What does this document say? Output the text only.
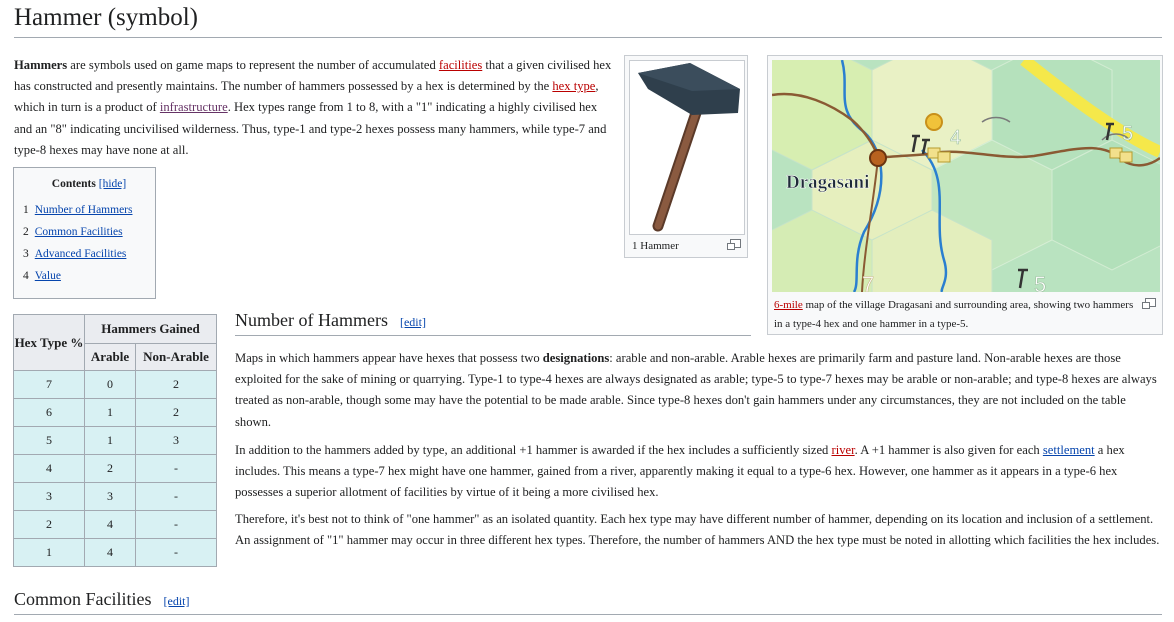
Hammer (symbol)

Hammers are symbols used on game maps to represent the number of accumulated facilities that a given civilised hex has constructed and presently maintains. The number of hammers possessed by a hex is determined by the hex type, which in turn is a product of infrastructure. Hex types range from 1 to 8, with a "1" indicating a highly civilised hex and an "8" indicating uncivilised wilderness. Thus, type-1 and type-2 hexes possess many hammers, while type-7 and type-8 hexes may have none at all.

Contents [hide]
1 Number of Hammers
2 Common Facilities
3 Advanced Facilities
4 Value
1 Hammer
4	5
7	5
Dragasani
6-mile map of the village Dragasani and surrounding area, showing two hammers in a type-4 hex and one hammer in a type-5.
Hex Type %	Hammers Gained	
	Arable	Non-Arable
7	0	2
6	1	2
5	1	3
4	2	-
3	3	-
2	4	-
1	4	-
Number of Hammers [edit]

Maps in which hammers appear have hexes that possess two designations: arable and non-arable. Arable hexes are primarily farm and pasture land. Non-arable hexes are those exploited for the sake of mining or quarrying. Type-1 to type-4 hexes are always designated as arable; type-5 to type-7 hexes may be arable or non-arable; and type-8 hexes are always treated as non-arable, though some may have the potential to be made arable. Since type-8 hexes don't gain hammers under any circumstances, they are not included on the table shown.

In addition to the hammers added by type, an additional +1 hammer is awarded if the hex includes a sufficiently sized river. A +1 hammer is also given for each settlement a hex includes. This means a type-7 hex might have one hammer, gained from a river, apparently making it equal to a type-6 hex. However, one hammer as it appears in a type-6 hex possesses a superior allotment of facilities by virtue of it being a more civilised hex.

Therefore, it's best not to think of "one hammer" as an isolated quantity. Each hex type may have different number of hammer, depending on its location and inclusion of a settlement. An assignment of "1" hammer may occur in three different hex types. Therefore, the number of hammers AND the hex type must be noted in allotting which facilities the hex includes.

Common Facilities [edit]
